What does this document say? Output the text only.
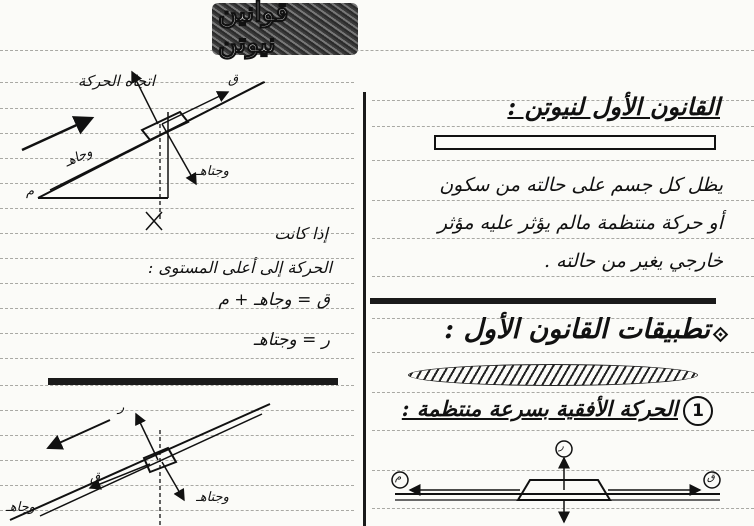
قوانين نيوتن
القانون الأول لنيوتن :
يظل كل جسم على حالته من سكون
أو حركة منتظمة مالم يؤثر عليه مؤثر
خارجي يغير من حالته .
تطبيقات القانون الأول :
1
الحركة الأفقية بسرعة منتظمة :
اتجاه الحركة
إذا كانت
الحركة إلى أعلى المستوى :
ق = وجاهـ + م
ر = وجتاهـ
ق
وجاهـ
وجتاهـ
م
ر
وجتاهـ
وجاهـ
ق
ر
م	ق
